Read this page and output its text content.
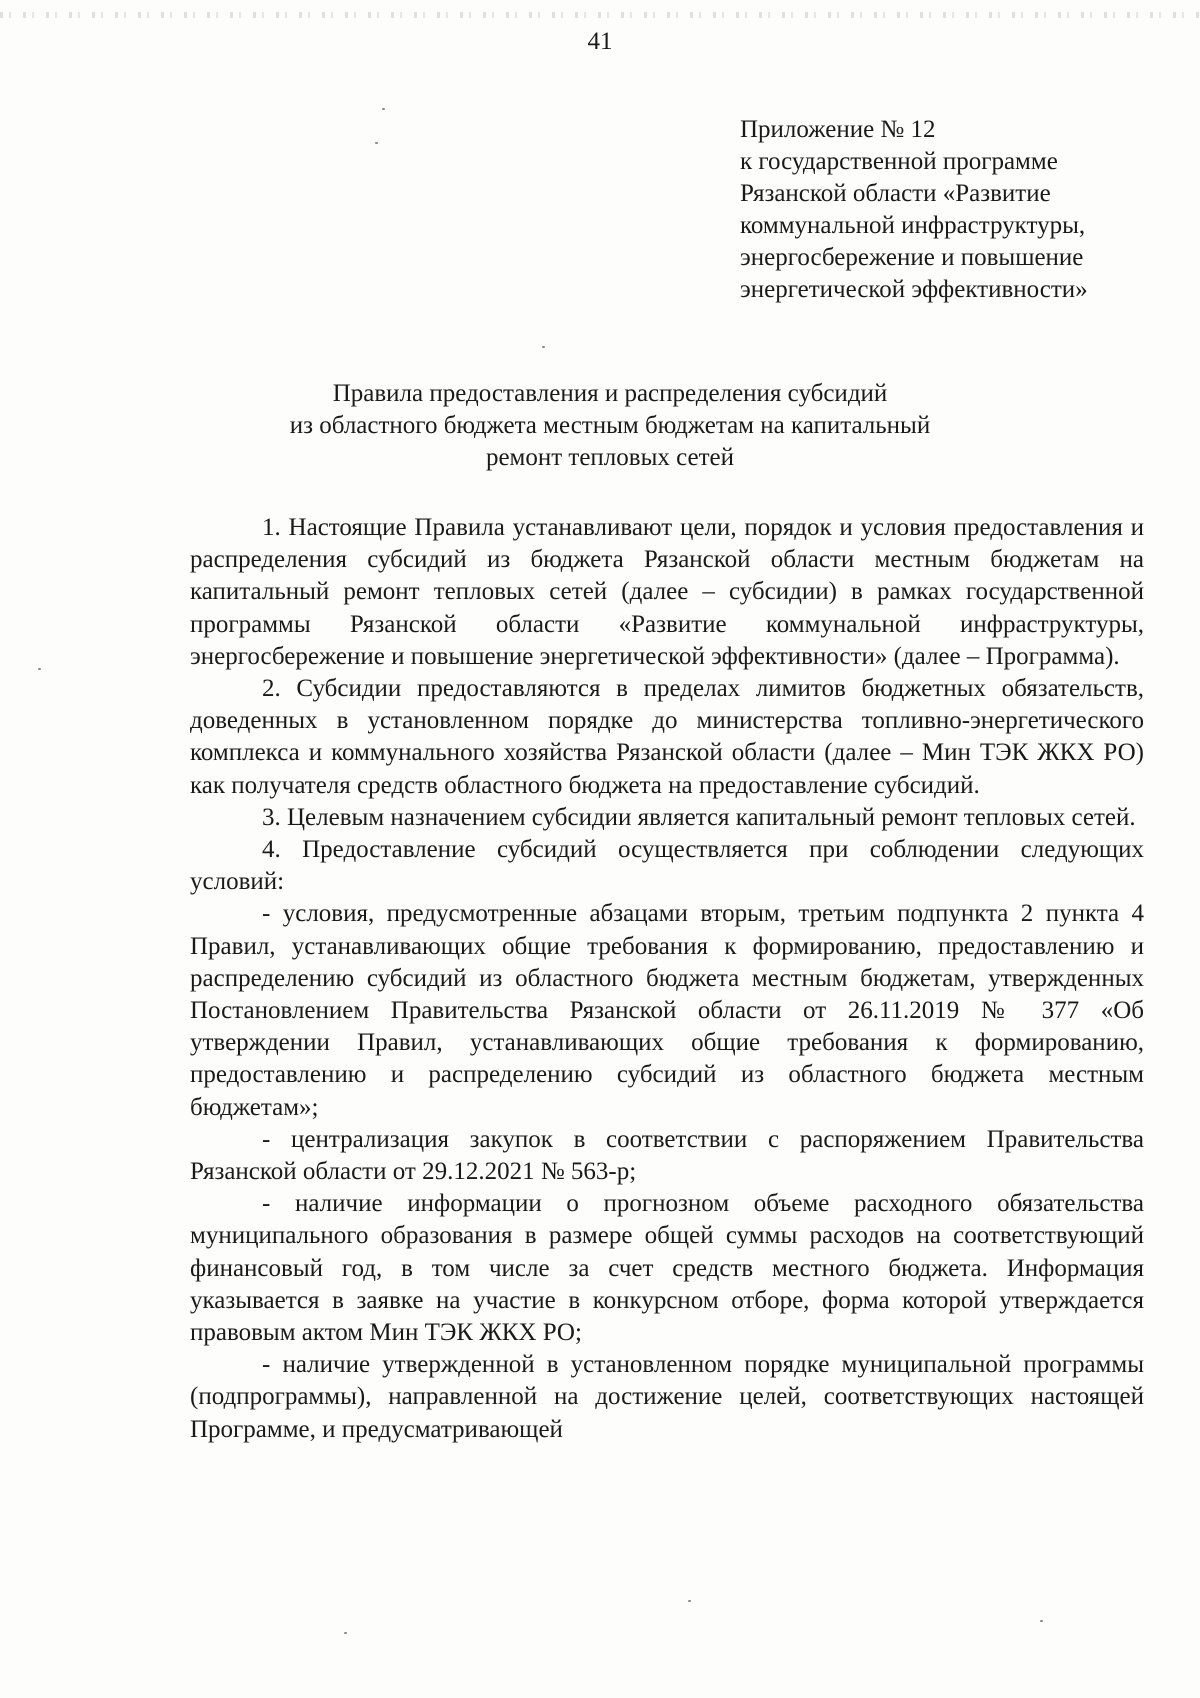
41
Приложение № 12
к государственной программе
Рязанской области «Развитие
коммунальной инфраструктуры,
энергосбережение и повышение
энергетической эффективности»
Правила предоставления и распределения субсидий
из областного бюджета местным бюджетам на капитальный
ремонт тепловых сетей

1. Настоящие Правила устанавливают цели, порядок и условия предоставления и распределения субсидий из бюджета Рязанской области местным бюджетам на капитальный ремонт тепловых сетей (далее – субсидии) в рамках государственной программы Рязанской области «Развитие коммунальной инфраструктуры, энергосбережение и повышение энергетической эффективности» (далее – Программа).

2. Субсидии предоставляются в пределах лимитов бюджетных обязательств, доведенных в установленном порядке до министерства топливно-энергетического комплекса и коммунального хозяйства Рязанской области (далее – Мин ТЭК ЖКХ РО) как получателя средств областного бюджета на предоставление субсидий.

3. Целевым назначением субсидии является капитальный ремонт тепловых сетей.

4. Предоставление субсидий осуществляется при соблюдении следующих условий:

- условия, предусмотренные абзацами вторым, третьим подпункта 2 пункта 4 Правил, устанавливающих общие требования к формированию, предоставлению и распределению субсидий из областного бюджета местным бюджетам, утвержденных Постановлением Правительства Рязанской области от 26.11.2019 № 377 «Об утверждении Правил, устанавливающих общие требования к формированию, предоставлению и распределению субсидий из областного бюджета местным бюджетам»;

- централизация закупок в соответствии с распоряжением Правительства Рязанской области от 29.12.2021 № 563-р;

- наличие информации о прогнозном объеме расходного обязательства муниципального образования в размере общей суммы расходов на соответствующий финансовый год, в том числе за счет средств местного бюджета. Информация указывается в заявке на участие в конкурсном отборе, форма которой утверждается правовым актом Мин ТЭК ЖКХ РО;

- наличие утвержденной в установленном порядке муниципальной программы (подпрограммы), направленной на достижение целей, соответствующих настоящей Программе, и предусматривающей
